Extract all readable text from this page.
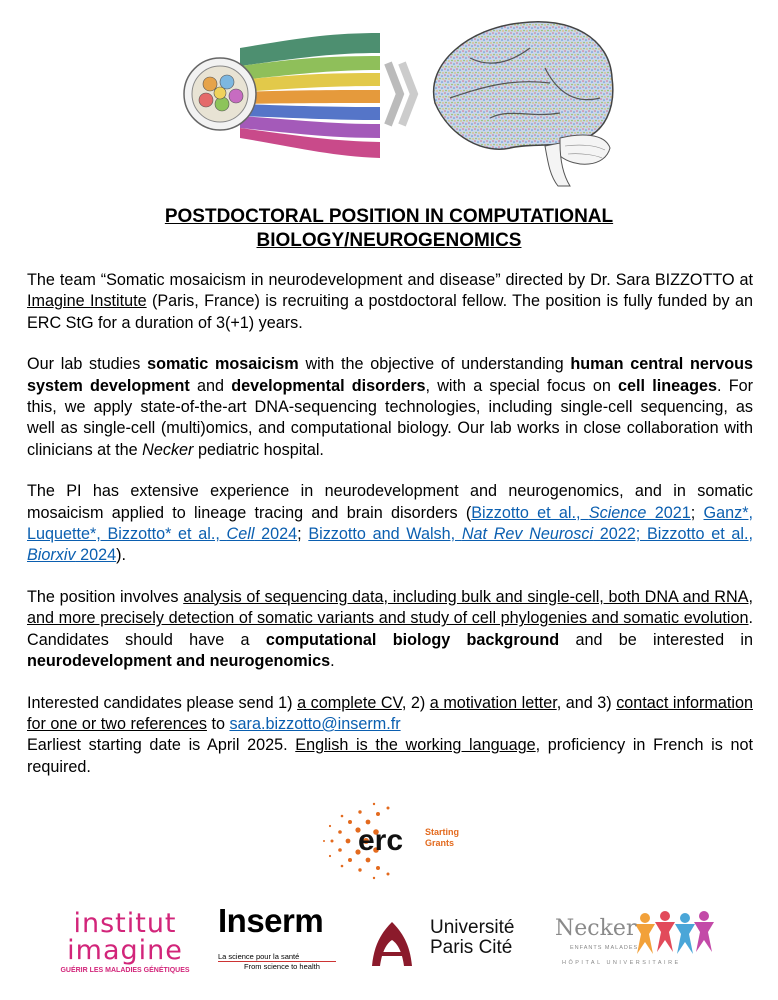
POSTDOCTORAL POSITION IN COMPUTATIONAL
BIOLOGY/NEUROGENOMICS

The team “Somatic mosaicism in neurodevelopment and disease” directed by Dr. Sara BIZZOTTO at Imagine Institute (Paris, France) is recruiting a postdoctoral fellow. The position is fully funded by an ERC StG for a duration of 3(+1) years.

Our lab studies somatic mosaicism with the objective of understanding human central nervous system development and developmental disorders, with a special focus on cell lineages. For this, we apply state-of-the-art DNA-sequencing technologies, including single-cell sequencing, as well as single-cell (multi)omics, and computational biology. Our lab works in close collaboration with clinicians at the Necker pediatric hospital.

The PI has extensive experience in neurodevelopment and neurogenomics, and in somatic mosaicism applied to lineage tracing and brain disorders (Bizzotto et al., Science 2021; Ganz*, Luquette*, Bizzotto* et al., Cell 2024; Bizzotto and Walsh, Nat Rev Neurosci 2022; Bizzotto et al., Biorxiv 2024).

The position involves analysis of sequencing data, including bulk and single-cell, both DNA and RNA, and more precisely detection of somatic variants and study of cell phylogenies and somatic evolution. Candidates should have a computational biology background and be interested in neurodevelopment and neurogenomics.

Interested candidates please send 1) a complete CV, 2) a motivation letter, and 3) contact information for one or two references to sara.bizzotto@inserm.fr

Earliest starting date is April 2025. English is the working language, proficiency in French is not required.

erc Starting
Grants
institut
imagine
GUÉRIR LES MALADIES GÉNÉTIQUES
Inserm
La science pour la santé
From science to health
Université
Paris Cité
Necker
ENFANTS MALADES
HÔPITAL UNIVERSITAIRE
